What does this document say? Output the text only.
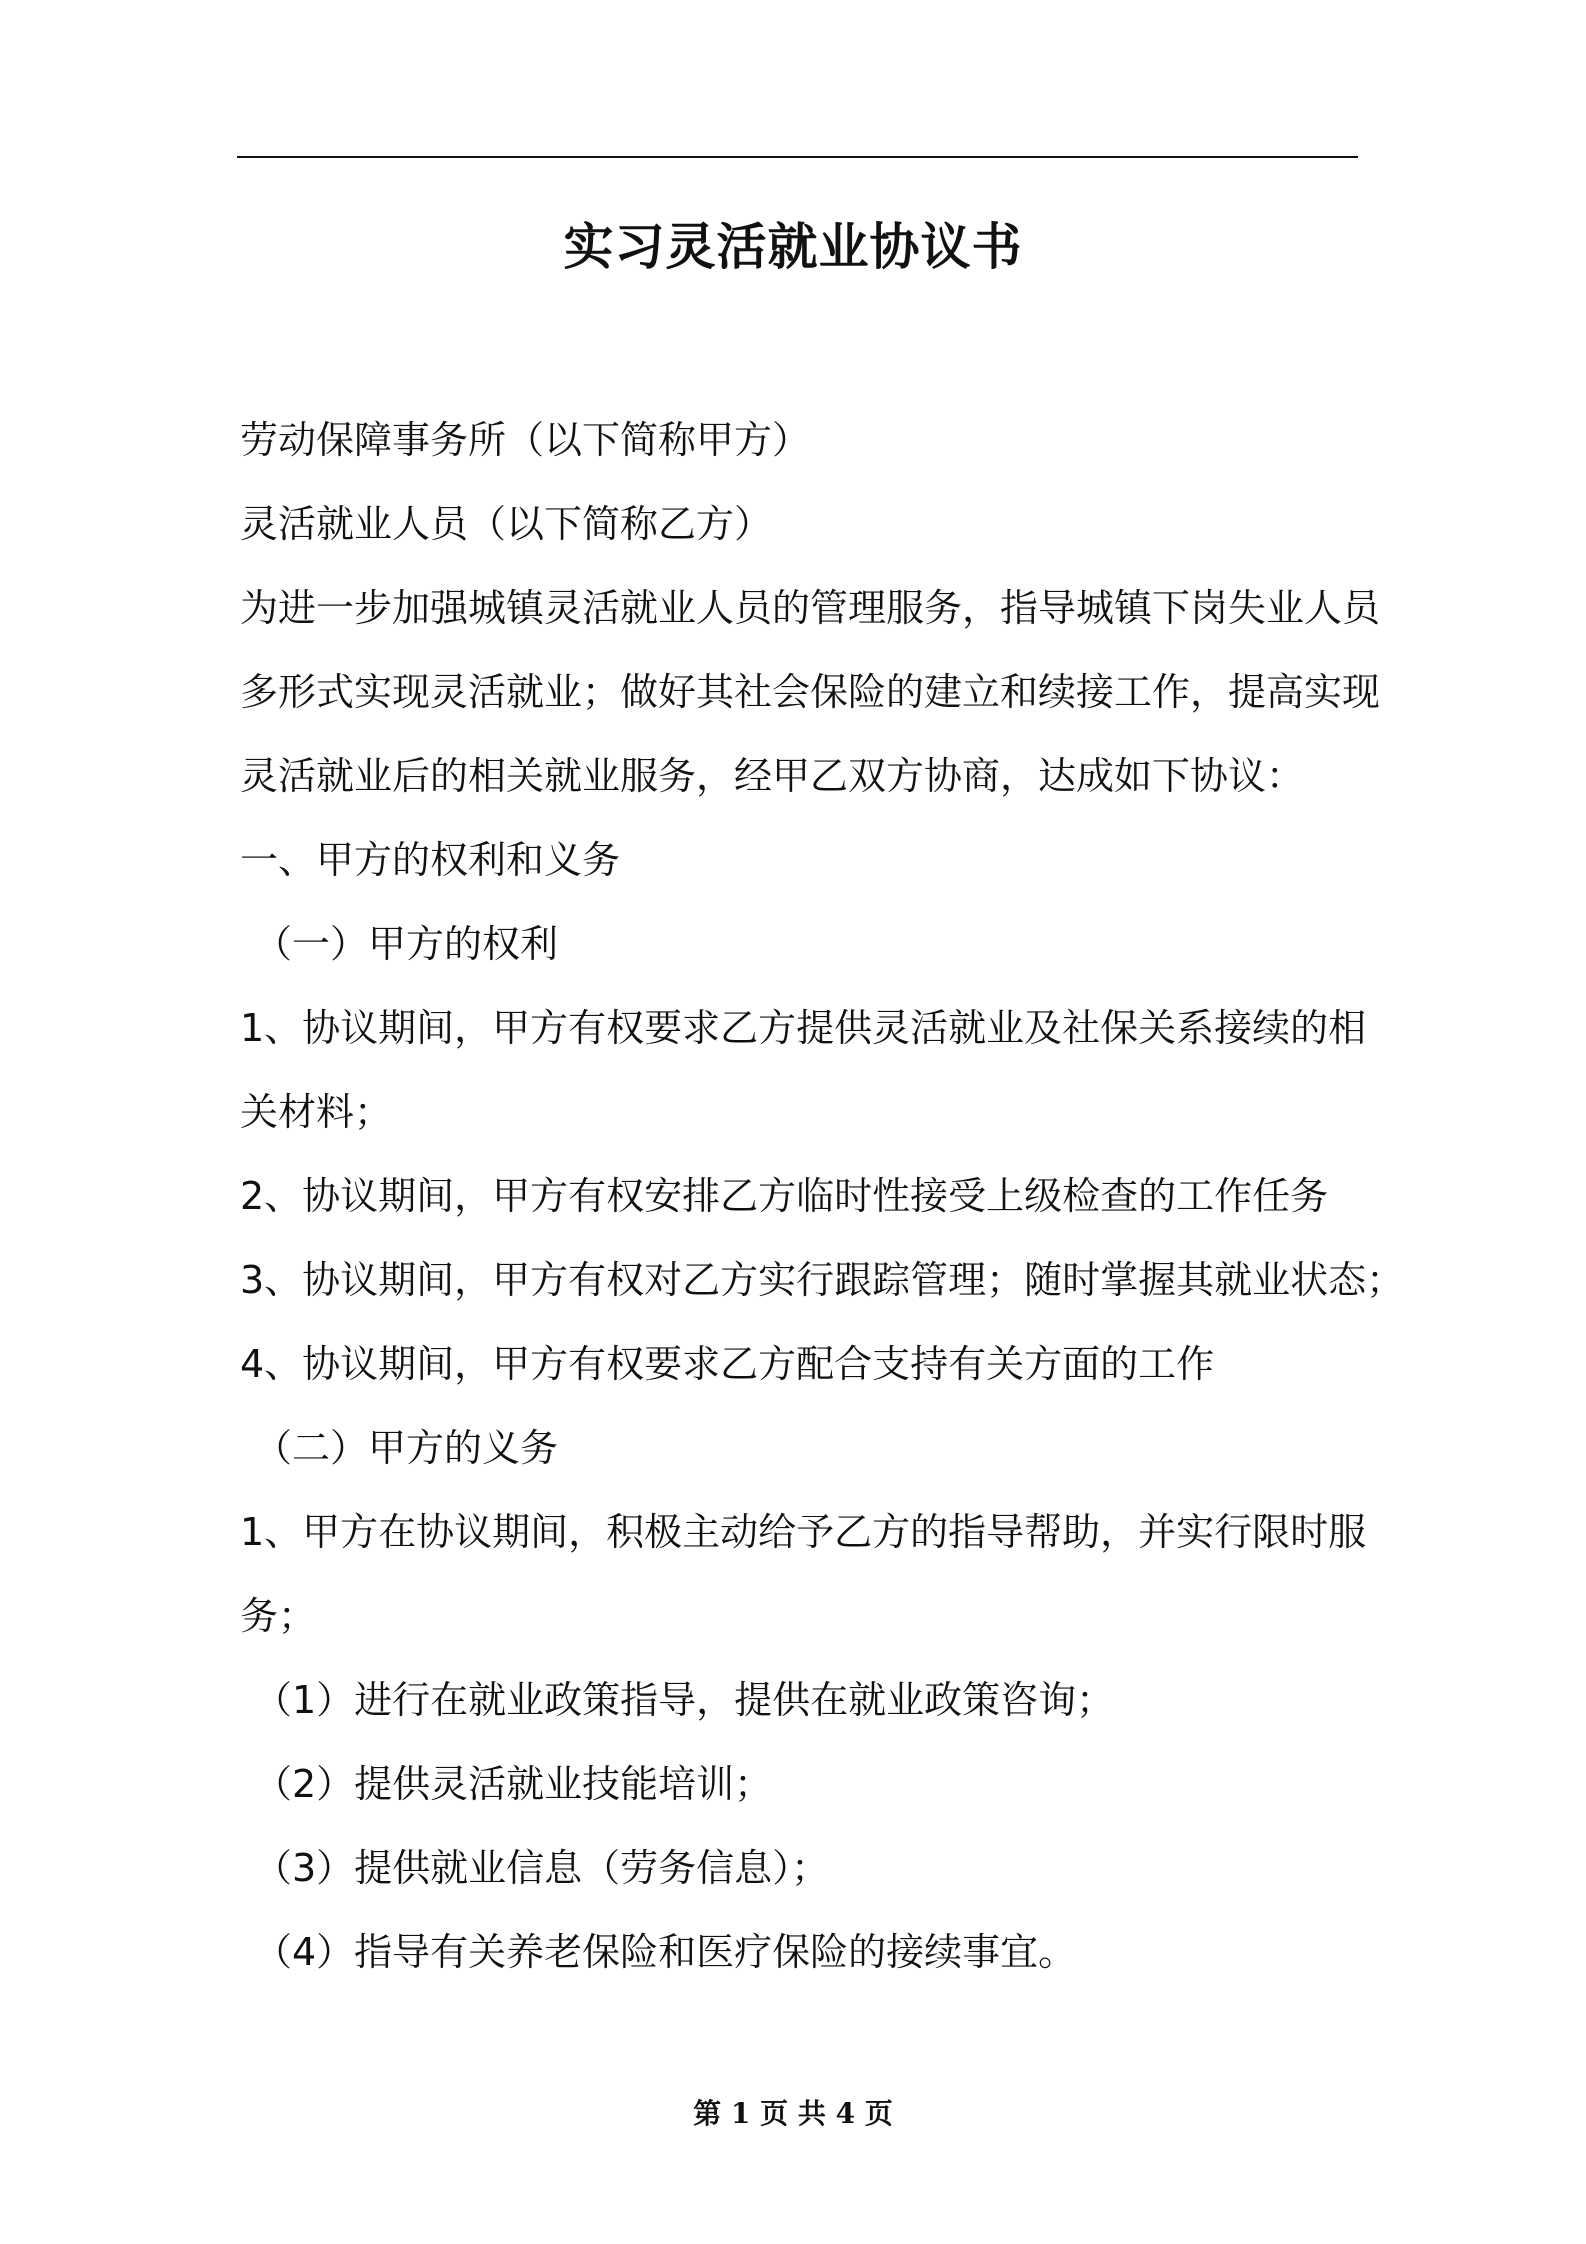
实习灵活就业协议书
劳动保障事务所（以下简称甲方）
灵活就业人员（以下简称乙方）
为进一步加强城镇灵活就业人员的管理服务，指导城镇下岗失业人员
多形式实现灵活就业；做好其社会保险的建立和续接工作，提高实现
灵活就业后的相关就业服务，经甲乙双方协商，达成如下协议：
一、甲方的权利和义务
（一）甲方的权利
1、协议期间，甲方有权要求乙方提供灵活就业及社保关系接续的相
关材料；
2、协议期间，甲方有权安排乙方临时性接受上级检查的工作任务
3、协议期间，甲方有权对乙方实行跟踪管理；随时掌握其就业状态；
4、协议期间，甲方有权要求乙方配合支持有关方面的工作
（二）甲方的义务
1、甲方在协议期间，积极主动给予乙方的指导帮助，并实行限时服
务；
（1）进行在就业政策指导，提供在就业政策咨询；
（2）提供灵活就业技能培训；
（3）提供就业信息（劳务信息）；
（4）指导有关养老保险和医疗保险的接续事宜。
第 1 页 共 4 页
